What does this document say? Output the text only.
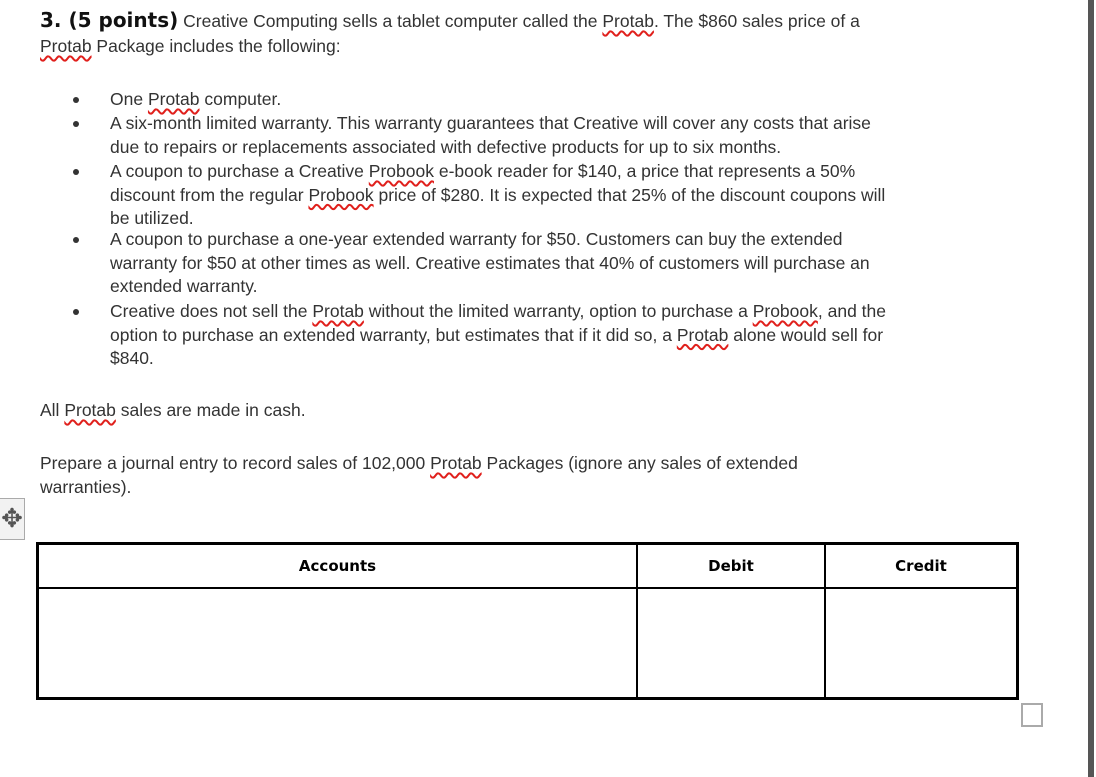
3. (5 points) Creative Computing sells a tablet computer called the Protab. The $860 sales price of a
Protab Package includes the following:
One Protab computer.
A six-month limited warranty. This warranty guarantees that Creative will cover any costs that arise
due to repairs or replacements associated with defective products for up to six months.
A coupon to purchase a Creative Probook e-book reader for $140, a price that represents a 50%
discount from the regular Probook price of $280. It is expected that 25% of the discount coupons will
be utilized.
A coupon to purchase a one-year extended warranty for $50. Customers can buy the extended
warranty for $50 at other times as well. Creative estimates that 40% of customers will purchase an
extended warranty.
Creative does not sell the Protab without the limited warranty, option to purchase a Probook, and the
option to purchase an extended warranty, but estimates that if it did so, a Protab alone would sell for
$840.
All Protab sales are made in cash.
Prepare a journal entry to record sales of 102,000 Protab Packages (ignore any sales of extended
warranties).
✥
Accounts	Debit	Credit
